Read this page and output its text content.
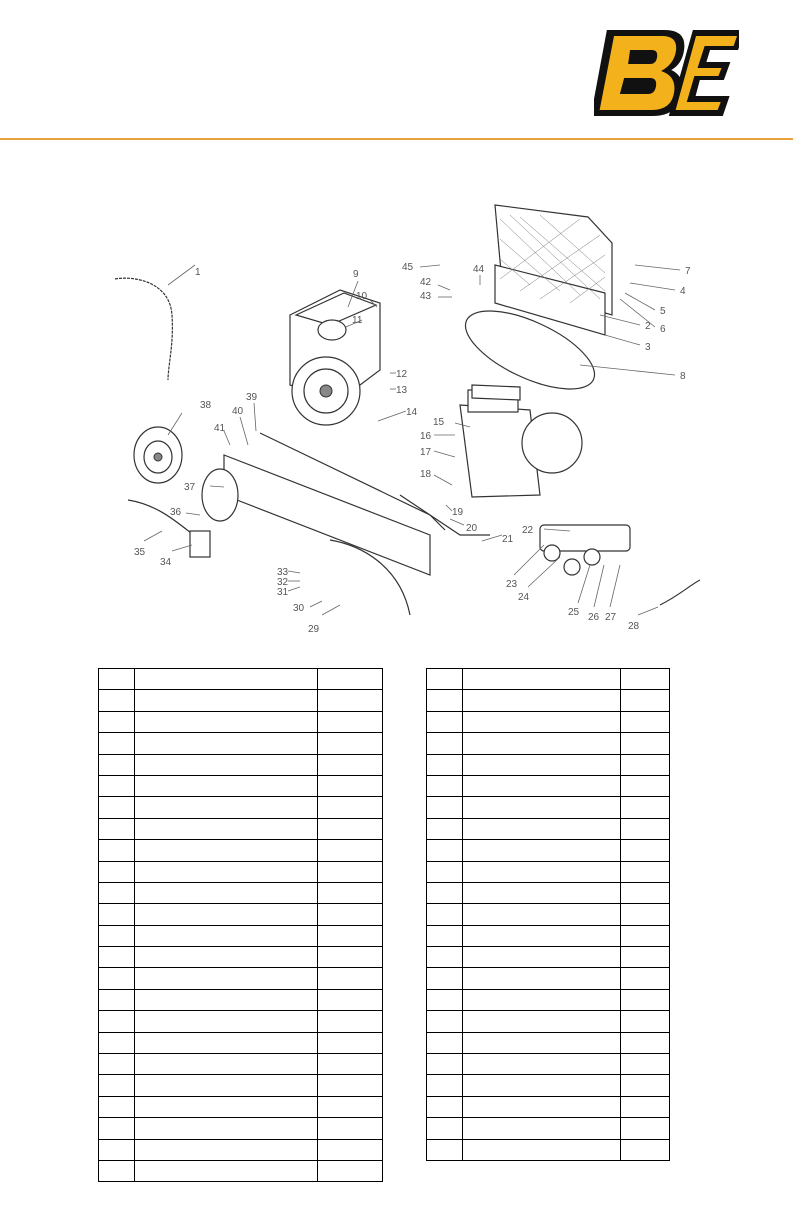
1
2
3
4
5
6
7
8
9
10
11
12
13
14
15
16
17
18
19
20
21
22
23
24
25 26 27
28
29
30
31
32
33
34
35
36
37
38
39
40
41
42
43
44
45
